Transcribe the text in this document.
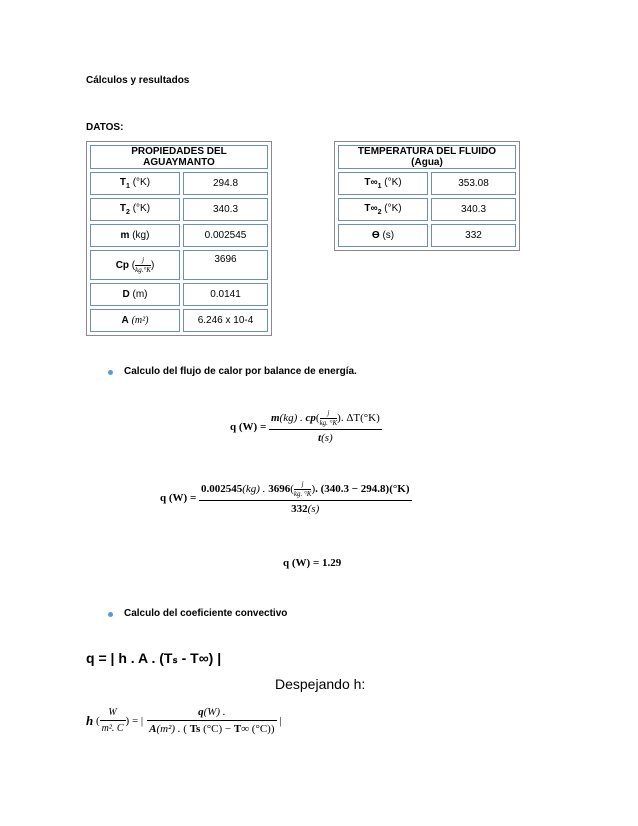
Cálculos y resultados
DATOS:
PROPIEDADES DEL AGUAYMANTO	
$T_1$ (°K)	294.8
$T_2$ (°K)	340.3
m (kg)	0.002545
Cp ( $\frac{j}{kg.^\circ K}$ )	3696
D (m)	0.0141
A (m²)	6.246 x 10-4
TEMPERATURA DEL FLUIDO (Agua)	
$T\infty_1$ (°K)	353.08
$T\infty_2$ (°K)	340.3
Ɵ (s)	332
Calculo del flujo de calor por balance de energía.
q (W) =
$\frac{m(kg) . cp( \frac{j}{kg. ^\circ K} ). \Delta T(^\circ K)}{t(s)}$
q (W) =
$\frac{0.002545(kg) . 3696( \frac{j}{kg. ^\circ K} ). (340.3 - 294.8)(^\circ K)}{332(s)}$
q (W) =
1.29
Calculo del coeficiente convectivo
q = | h . A . (Tₛ - T∞) |
Despejando h:
h ( $\frac{W}{\text{m². C}}$ ) = | $\frac{q(W) .}{\text{A(m²) . ( Ts (°C) − T∞ (°C))}}$
|
